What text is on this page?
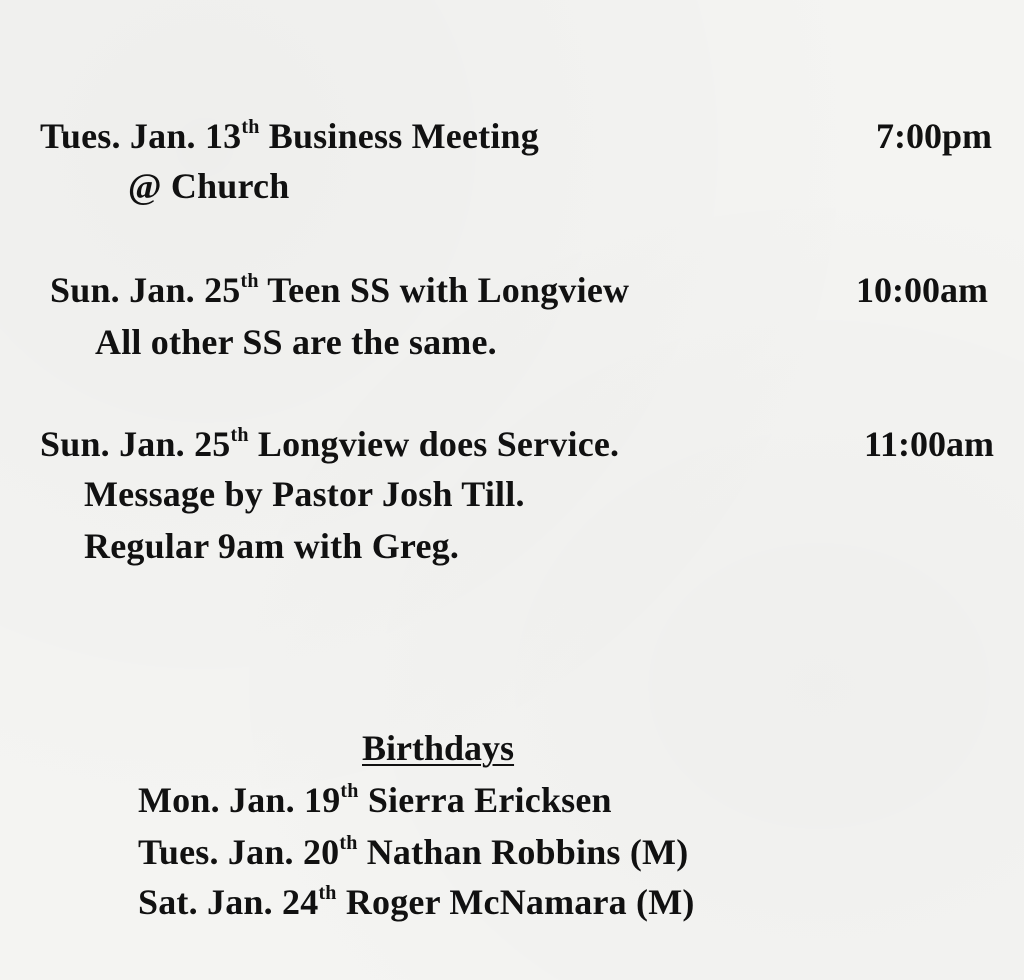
Tues. Jan. 13th Business Meeting	7:00pm
@ Church
Sun. Jan. 25th Teen SS with Longview	10:00am
All other SS are the same.
Sun. Jan. 25th Longview does Service.	11:00am
Message by Pastor Josh Till.
Regular 9am with Greg.
Birthdays
Mon. Jan. 19th Sierra Ericksen
Tues. Jan. 20th Nathan Robbins (M)
Sat. Jan. 24th Roger McNamara (M)
